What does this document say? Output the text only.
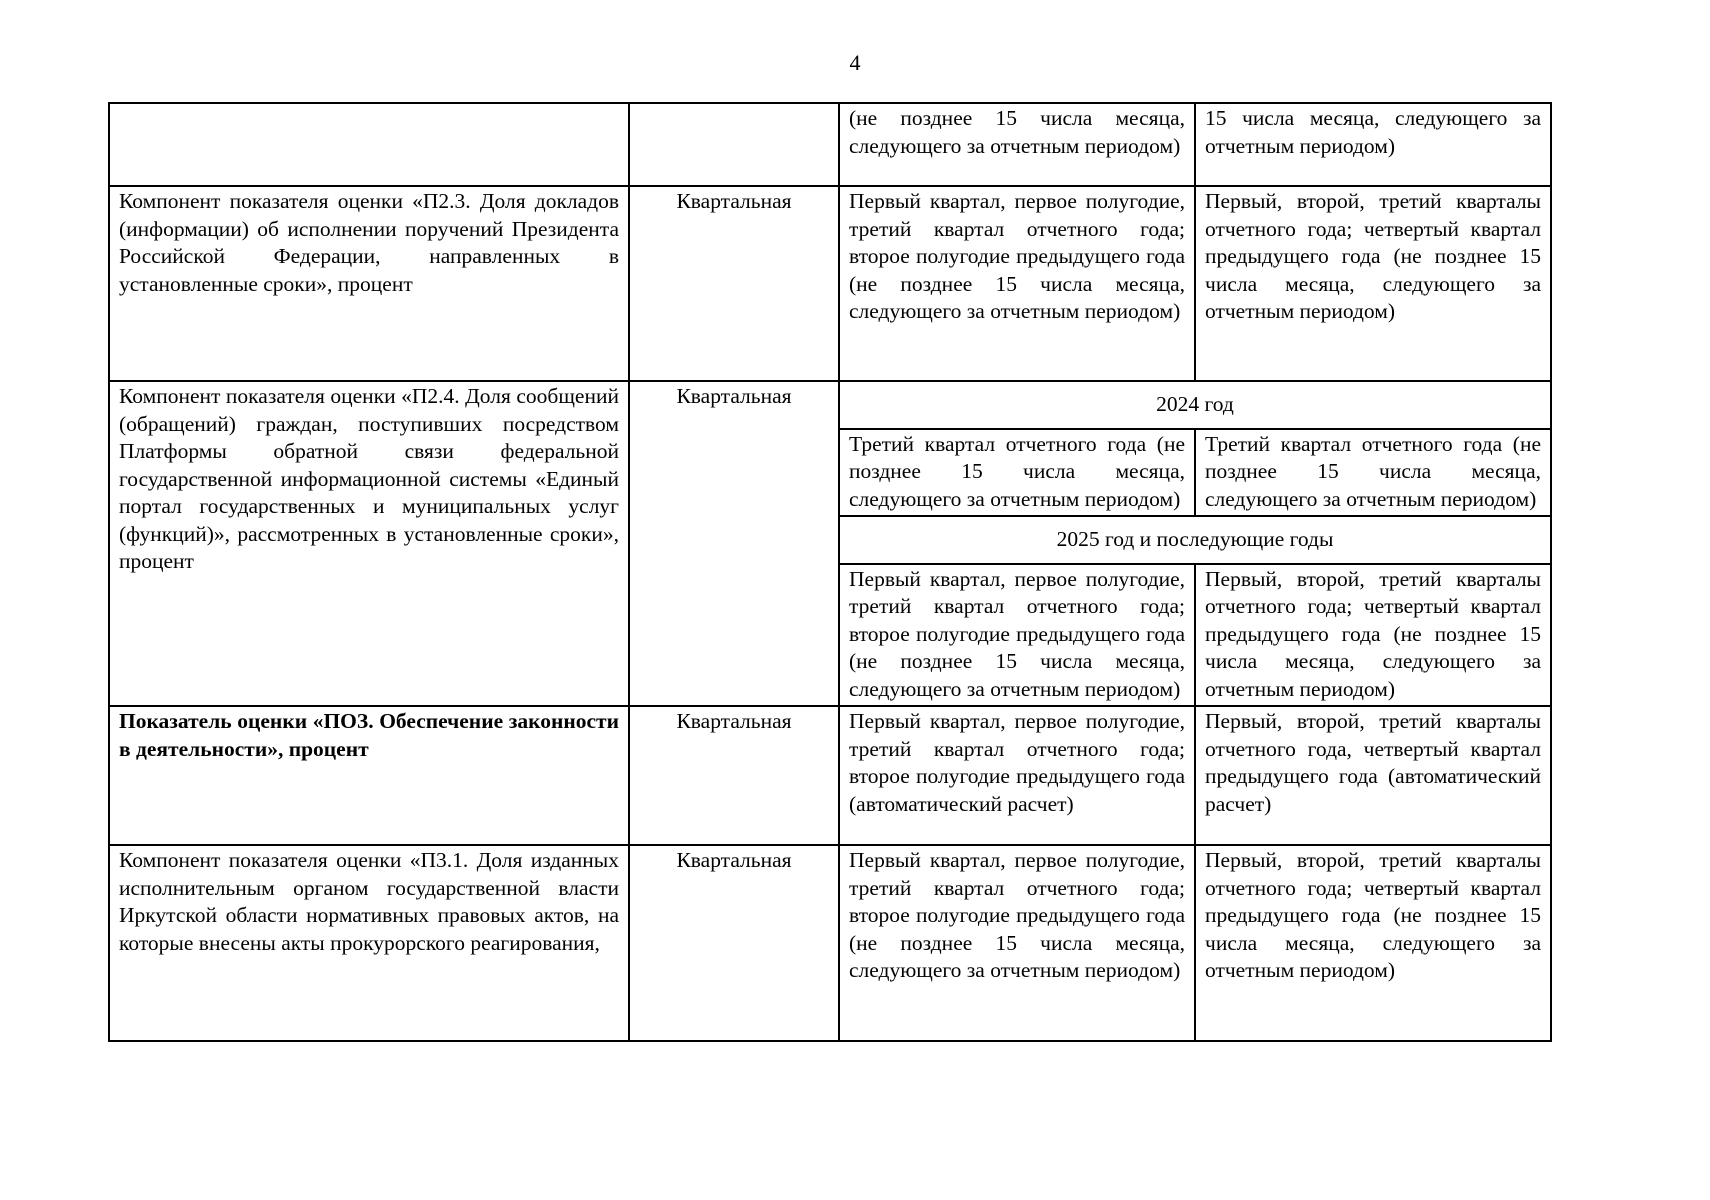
4
		(не позднее 15 числа месяца, следующего за отчетным периодом)	15 числа месяца, следующего за отчетным периодом)
Компонент показателя оценки «П2.3. Доля докладов (информации) об исполнении поручений Президента Российской Федерации, направленных в установленные сроки», процент	Квартальная	Первый квартал, первое полугодие, третий квартал отчетного года; второе полугодие предыдущего года (не позднее 15 числа месяца, следующего за отчетным периодом)	Первый, второй, третий кварталы отчетного года; четвертый квартал предыдущего года (не позднее 15 числа месяца, следующего за отчетным периодом)
Компонент показателя оценки «П2.4. Доля сообщений (обращений) граждан, поступивших посредством Платформы обратной связи федеральной государственной информационной системы «Единый портал государственных и муниципальных услуг (функций)», рассмотренных в установленные сроки», процент	Квартальная	2024 год	
		Третий квартал отчетного года (не позднее 15 числа месяца, следующего за отчетным периодом)	Третий квартал отчетного года (не позднее 15 числа месяца, следующего за отчетным периодом)
		2025 год и последующие годы	
		Первый квартал, первое полугодие, третий квартал отчетного года; второе полугодие предыдущего года (не позднее 15 числа месяца, следующего за отчетным периодом)	Первый, второй, третий кварталы отчетного года; четвертый квартал предыдущего года (не позднее 15 числа месяца, следующего за отчетным периодом)
Показатель оценки «ПОЗ. Обеспечение законности в деятельности», процент	Квартальная	Первый квартал, первое полугодие, третий квартал отчетного года; второе полугодие предыдущего года (автоматический расчет)	Первый, второй, третий кварталы отчетного года, четвертый квартал предыдущего года (автоматический расчет)
Компонент показателя оценки «П3.1. Доля изданных исполнительным органом государственной власти Иркутской области нормативных правовых актов, на которые внесены акты прокурорского реагирования,	Квартальная	Первый квартал, первое полугодие, третий квартал отчетного года; второе полугодие предыдущего года (не позднее 15 числа месяца, следующего за отчетным периодом)	Первый, второй, третий кварталы отчетного года; четвертый квартал предыдущего года (не позднее 15 числа месяца, следующего за отчетным периодом)
